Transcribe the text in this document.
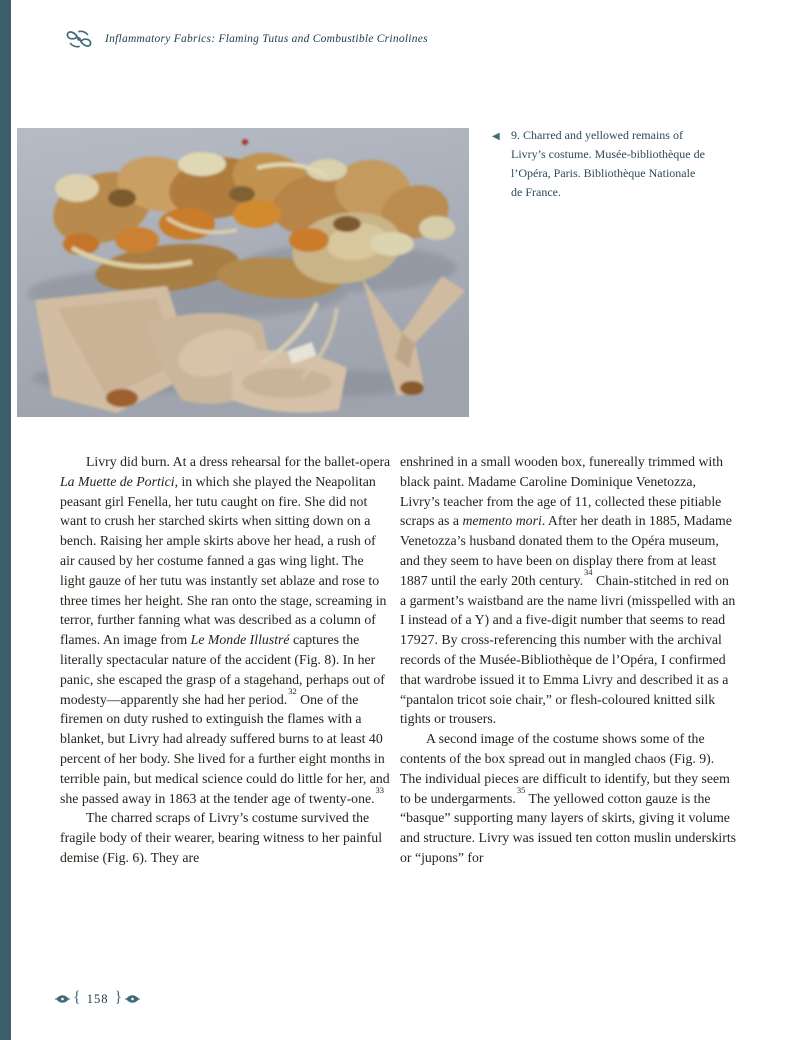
Inflammatory Fabrics: Flaming Tutus and Combustible Crinolines
◀ 9. Charred and yellowed remains of Livry’s costume. Musée-bibliothèque de l’Opéra, Paris. Bibliothèque Nationale de France.

Livry did burn. At a dress rehearsal for the ballet-opera La Muette de Portici, in which she played the Neapolitan peasant girl Fenella, her tutu caught on fire. She did not want to crush her starched skirts when sitting down on a bench. Raising her ample skirts above her head, a rush of air caused by her costume fanned a gas wing light. The light gauze of her tutu was instantly set ablaze and rose to three times her height. She ran onto the stage, screaming in terror, further fanning what was described as a column of flames. An image from Le Monde Illustré captures the literally spectacular nature of the accident (Fig. 8). In her panic, she escaped the grasp of a stagehand, perhaps out of modesty—apparently she had her period.$^{32}$ One of the firemen on duty rushed to extinguish the flames with a blanket, but Livry had already suffered burns to at least 40 percent of her body. She lived for a further eight months in terrible pain, but medical science could do little for her, and she passed away in 1863 at the tender age of twenty-one.$^{33}$

The charred scraps of Livry’s costume survived the fragile body of their wearer, bearing witness to her painful demise (Fig. 6). They are

enshrined in a small wooden box, funereally trimmed with black paint. Madame Caroline Dominique Venetozza, Livry’s teacher from the age of 11, collected these pitiable scraps as a memento mori. After her death in 1885, Madame Venetozza’s husband donated them to the Opéra museum, and they seem to have been on display there from at least 1887 until the early 20th century.$^{34}$ Chain-stitched in red on a garment’s waistband are the name livri (misspelled with an I instead of a Y) and a five-digit number that seems to read 17927. By cross-referencing this number with the archival records of the Musée-Bibliothèque de l’Opéra, I confirmed that wardrobe issued it to Emma Livry and described it as a “pantalon tricot soie chair,” or flesh-coloured knitted silk tights or trousers.

A second image of the costume shows some of the contents of the box spread out in mangled chaos (Fig. 9). The individual pieces are difficult to identify, but they seem to be undergarments.$^{35}$ The yellowed cotton gauze is the “basque” supporting many layers of skirts, giving it volume and structure. Livry was issued ten cotton muslin underskirts or “jupons” for

{ 158 }
